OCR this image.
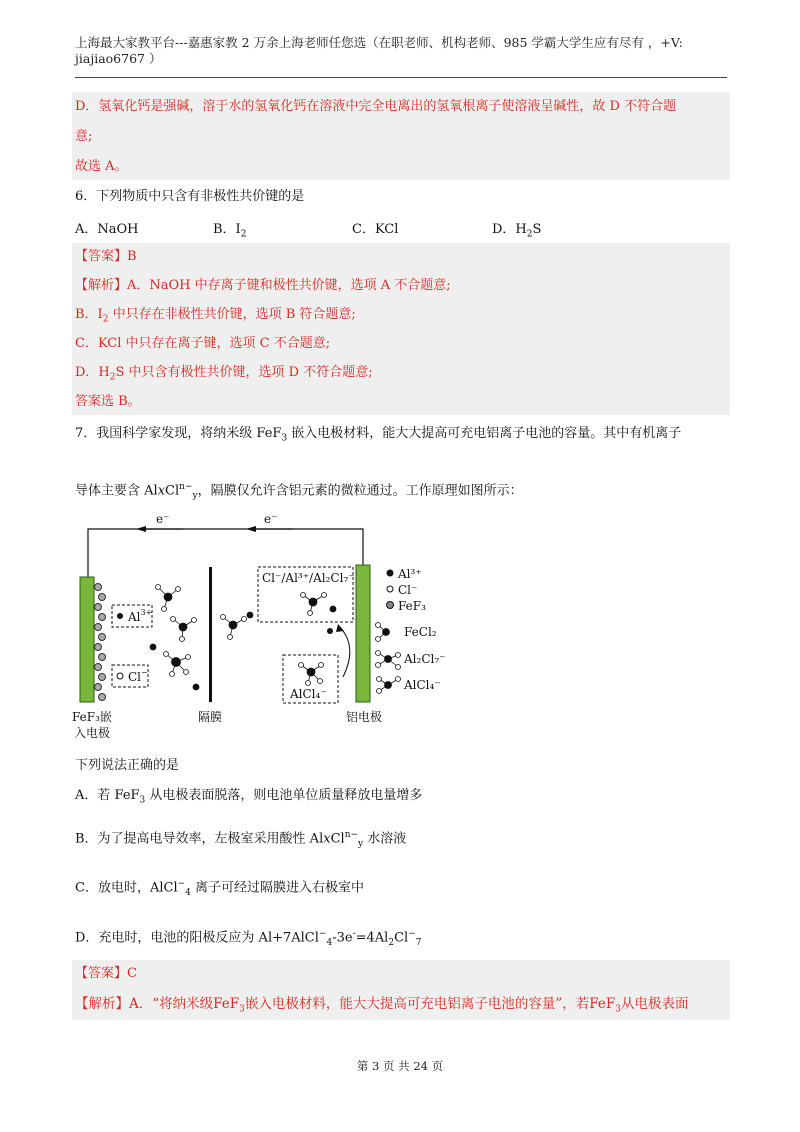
上海最大家教平台---嘉惠家教 2 万余上海老师任您选（在职老师、机构老师、985 学霸大学生应有尽有 ，+V:
jiajiao6767 ）
D．氢氧化钙是强碱，溶于水的氢氧化钙在溶液中完全电离出的氢氧根离子使溶液呈碱性，故 D 不符合题
意;
故选 A。
6．下列物质中只含有非极性共价键的是
A．NaOH	B．$I_2$	C．KCl	D．$H_2S$
【答案】B
【解析】A．NaOH 中存离子键和极性共价键，选项 A 不合题意;
B．$I_2$ 中只存在非极性共价键，选项 B 符合题意;
C．KCl 中只存在离子键，选项 C 不合题意;
D．$H_2S$ 中只含有极性共价键，选项 D 不符合题意;
答案选 B。
7．我国科学家发现，将纳米级 FeF$_3$ 嵌入电极材料，能大大提高可充电铝离子电池的容量。其中有机离子
导体主要含 AlxCl$^{n-}_y$，隔膜仅允许含铝元素的微粒通过。工作原理如图所示：
e⁻	e⁻
$Al^{3+}$
Cl−
Cl⁻/Al³⁺/Al₂Cl₇⁻
AlCl₄⁻
Al³⁺
Cl⁻
FeF₃
FeCl₂
Al₂Cl₇⁻
AlCl₄⁻
FeF₃嵌
入电极
隔膜	铝电极
下列说法正确的是
A．若 FeF$_3$ 从电极表面脱落，则电池单位质量释放电量增多
B．为了提高电导效率，左极室采用酸性 AlxCl$^{n-}_y$ 水溶液
C．放电时，AlCl−$_4$ 离子可经过隔膜进入右极室中
D．充电时，电池的阳极反应为 $Al+7AlCl^-_4-3e^-=4Al_2Cl^-_7$
【答案】C
【解析】A．“将纳米级FeF$_3$嵌入电极材料，能大大提高可充电铝离子电池的容量”，若FeF$_3$从电极表面
第 3 页 共 24 页
